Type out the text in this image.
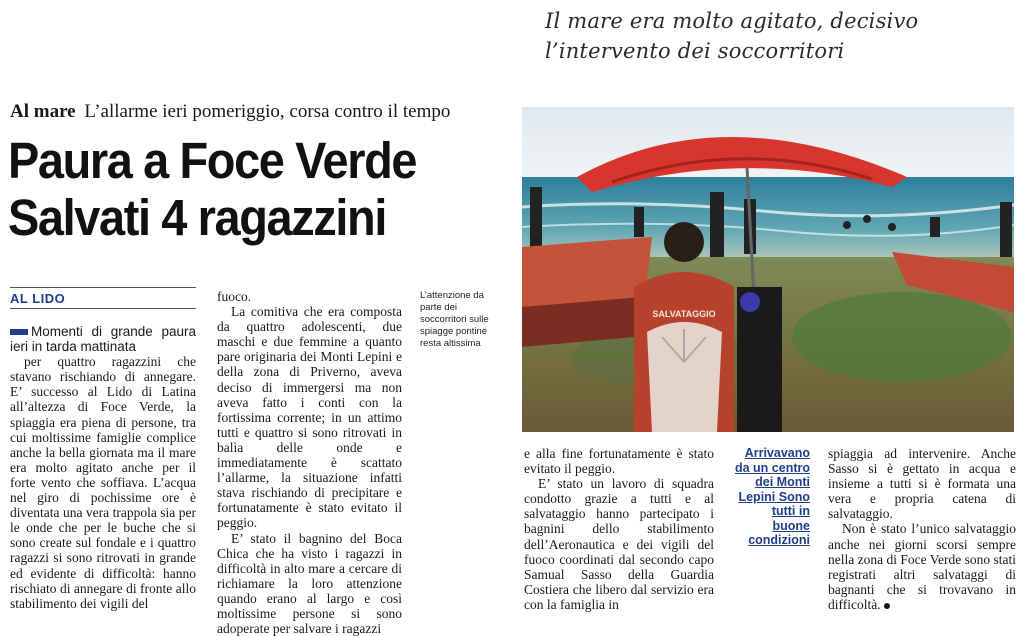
Il mare era molto agitato, decisivo
l’intervento dei soccorritori
Al mare L’allarme ieri pomeriggio, corsa contro il tempo
Paura a Foce Verde
Salvati 4 ragazzini
AL LIDO

Momenti di grande paura ieri in tarda mattinata

per quattro ragazzini che stavano rischiando di annegare. E’ successo al Lido di Latina all’altezza di Foce Verde, la spiaggia era piena di persone, tra cui moltissime famiglie complice anche la bella giornata ma il mare era molto agitato anche per il forte vento che soffiava. L’acqua nel giro di pochissime ore è diventata una vera trappola sia per le onde che per le buche che si sono create sul fondale e i quattro ragazzi si sono ritrovati in grande ed evidente di difficoltà: hanno rischiato di annegare di fronte allo stabilimento dei vigili del

fuoco.

La comitiva che era composta da quattro adolescenti, due maschi e due femmine a quanto pare originaria dei Monti Lepini e della zona di Priverno, aveva deciso di immergersi ma non aveva fatto i conti con la fortissima corrente; in un attimo tutti e quattro si sono ritrovati in balìa delle onde e immediatamente è scattato l’allarme, la situazione infatti stava rischiando di precipitare e fortunatamente è stato evitato il peggio.

E’ stato il bagnino del Boca Chica che ha visto i ragazzi in difficoltà in alto mare a cercare di richiamare la loro attenzione quando erano al largo e così moltissime persone si sono adoperate per salvare i ragazzi

L’attenzione da parte dei soccorritori sulle spiagge pontine resta altissima
SALVATAGGIO

e alla fine fortunatamente è stato evitato il peggio.

E’ stato un lavoro di squadra condotto grazie a tutti e al salvataggio hanno partecipato i bagnini dello stabilimento dell’Aeronautica e dei vigili del fuoco coordinati dal secondo capo Samual Sasso della Guardia Costiera che libero dal servizio era con la famiglia in

Arrivavano da un centro dei Monti Lepini Sono tutti in buone condizioni

spiaggia ad intervenire. Anche Sasso si è gettato in acqua e insieme a tutti si è formata una vera e propria catena di salvataggio.

Non è stato l’unico salvataggio anche nei giorni scorsi sempre nella zona di Foce Verde sono stati registrati altri salvataggi di bagnanti che si trovavano in difficoltà.
